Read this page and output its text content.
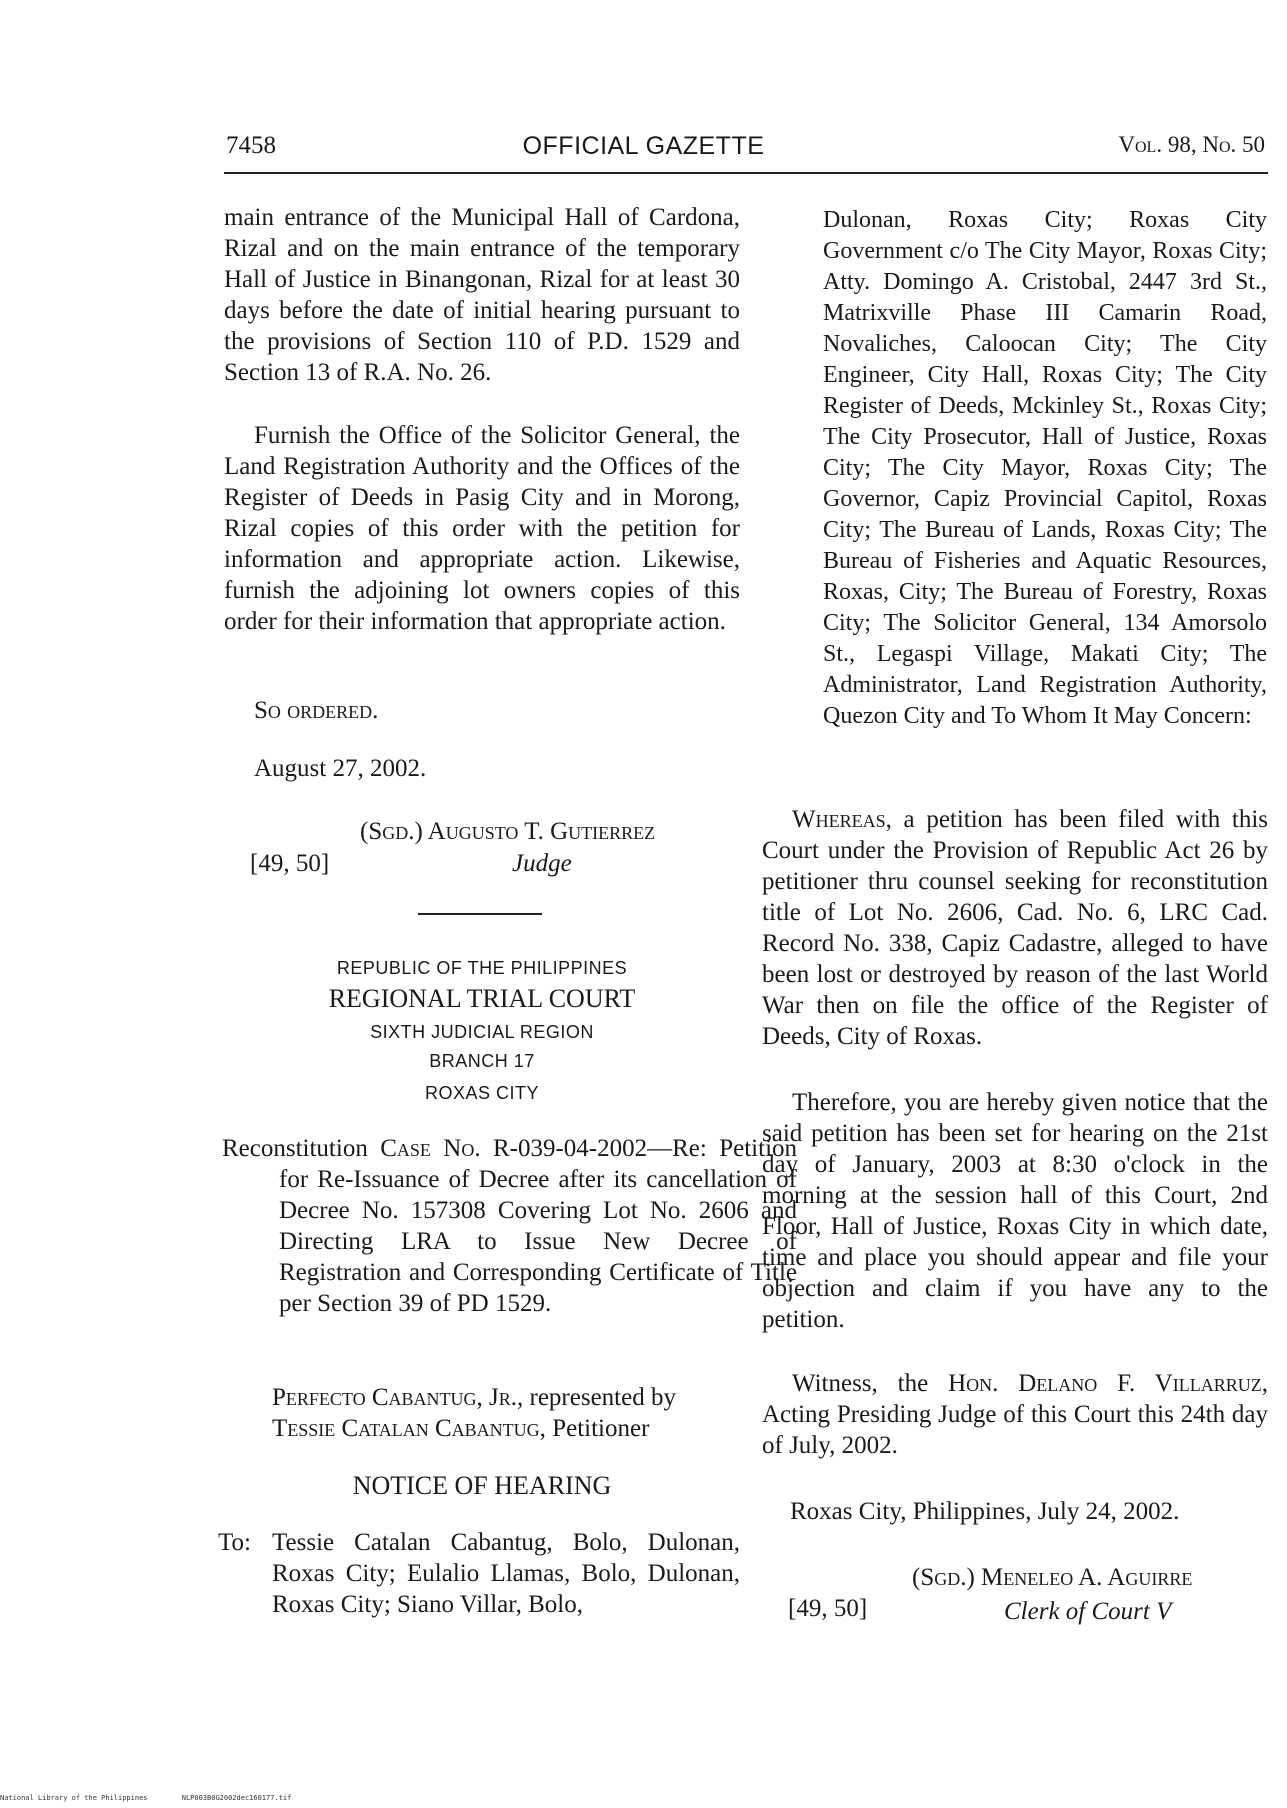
7458	OFFICIAL GAZETTE	Vol. 98, No. 50
main entrance of the Municipal Hall of Cardona, Rizal and on the main entrance of the temporary Hall of Justice in Binangonan, Rizal for at least 30 days before the date of initial hearing pursuant to the provisions of Section 110 of P.D. 1529 and Section 13 of R.A. No. 26.
Furnish the Office of the Solicitor General, the Land Registration Authority and the Offices of the Register of Deeds in Pasig City and in Morong, Rizal copies of this order with the petition for information and appropriate action. Likewise, furnish the adjoining lot owners copies of this order for their information that appropriate action.
So ordered.
August 27, 2002.
(Sgd.) Augusto T. Gutierrez
[49, 50]	Judge
REPUBLIC OF THE PHILIPPINES
REGIONAL TRIAL COURT
SIXTH JUDICIAL REGION
BRANCH 17
ROXAS CITY
Reconstitution Case No. R-039-04-2002—Re: Petition for Re-Issuance of Decree after its cancellation of Decree No. 157308 Covering Lot No. 2606 and Directing LRA to Issue New Decree of Registration and Corresponding Certificate of Title per Section 39 of PD 1529.
Perfecto Cabantug, Jr., represented by Tessie Catalan Cabantug, Petitioner
NOTICE OF HEARING
To: Tessie Catalan Cabantug, Bolo, Dulonan, Roxas City; Eulalio Llamas, Bolo, Dulonan, Roxas City; Siano Villar, Bolo,
Dulonan, Roxas City; Roxas City Government c/o The City Mayor, Roxas City; Atty. Domingo A. Cristobal, 2447 3rd St., Matrixville Phase III Camarin Road, Novaliches, Caloocan City; The City Engineer, City Hall, Roxas City; The City Register of Deeds, Mckinley St., Roxas City; The City Prosecutor, Hall of Justice, Roxas City; The City Mayor, Roxas City; The Governor, Capiz Provincial Capitol, Roxas City; The Bureau of Lands, Roxas City; The Bureau of Fisheries and Aquatic Resources, Roxas, City; The Bureau of Forestry, Roxas City; The Solicitor General, 134 Amorsolo St., Legaspi Village, Makati City; The Administrator, Land Registration Authority, Quezon City and To Whom It May Concern:
Whereas, a petition has been filed with this Court under the Provision of Republic Act 26 by petitioner thru counsel seeking for reconstitution title of Lot No. 2606, Cad. No. 6, LRC Cad. Record No. 338, Capiz Cadastre, alleged to have been lost or destroyed by reason of the last World War then on file the office of the Register of Deeds, City of Roxas.
Therefore, you are hereby given notice that the said petition has been set for hearing on the 21st day of January, 2003 at 8:30 o'clock in the morning at the session hall of this Court, 2nd Floor, Hall of Justice, Roxas City in which date, time and place you should appear and file your objection and claim if you have any to the petition.
Witness, the Hon. Delano F. Villarruz, Acting Presiding Judge of this Court this 24th day of July, 2002.
Roxas City, Philippines, July 24, 2002.
(Sgd.) Meneleo A. Aguirre
[49, 50]	Clerk of Court V
National Library of the Philippines	NLP003B0G2002dec160177.tif
